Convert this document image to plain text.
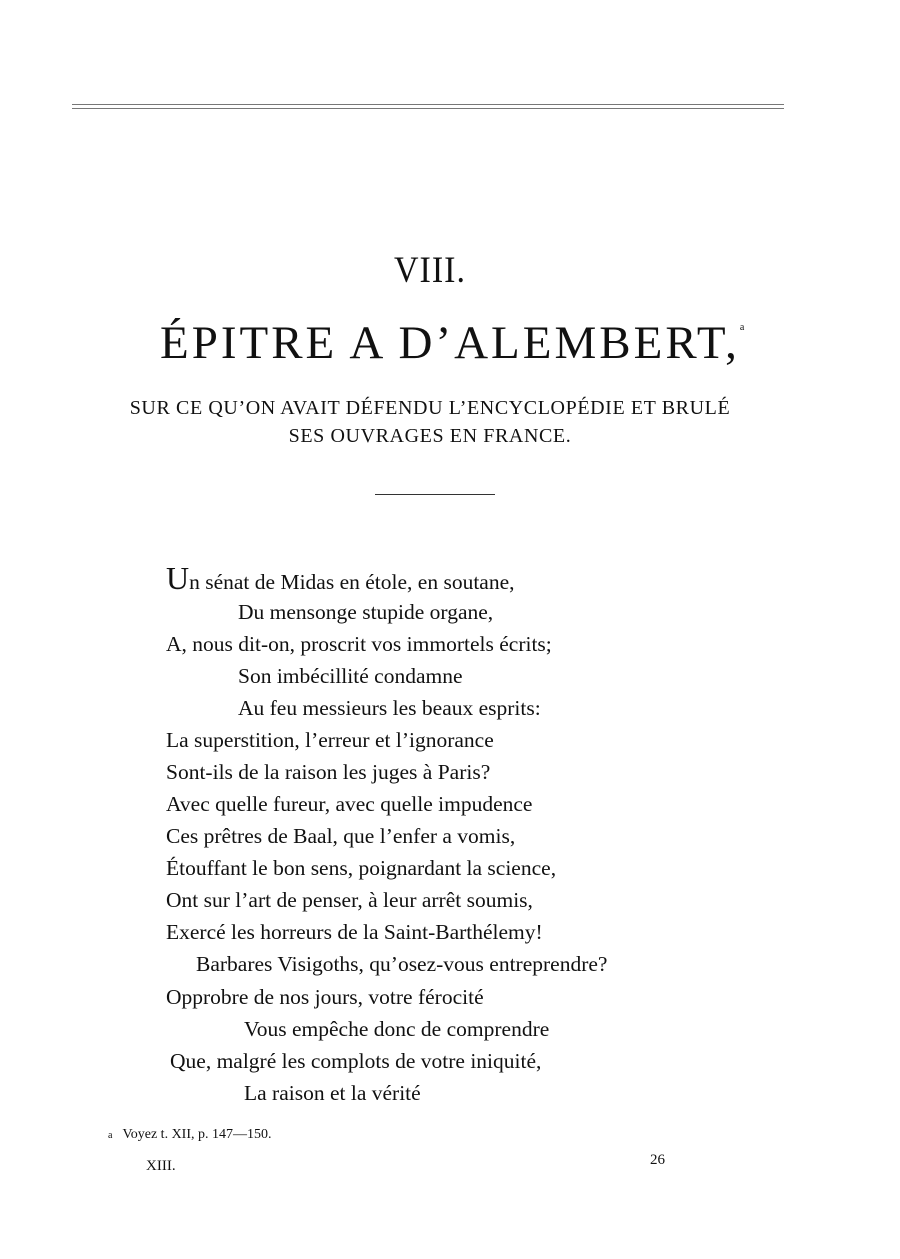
VIII.
ÉPITRE A D’ALEMBERT,$^a$
SUR CE QU’ON AVAIT DÉFENDU L’ENCYCLOPÉDIE ET BRULÉ
SES OUVRAGES EN FRANCE.
Un sénat de Midas en étole, en soutane,
Du mensonge stupide organe,
A, nous dit-on, proscrit vos immortels écrits;
Son imbécillité condamne
Au feu messieurs les beaux esprits:
La superstition, l’erreur et l’ignorance
Sont-ils de la raison les juges à Paris?
Avec quelle fureur, avec quelle impudence
Ces prêtres de Baal, que l’enfer a vomis,
Étouffant le bon sens, poignardant la science,
Ont sur l’art de penser, à leur arrêt soumis,
Exercé les horreurs de la Saint-Barthélemy!
Barbares Visigoths, qu’osez-vous entreprendre?
Opprobre de nos jours, votre férocité
Vous empêche donc de comprendre
Que, malgré les complots de votre iniquité,
La raison et la vérité
a Voyez t. XII, p. 147—150.
XIII.	26
